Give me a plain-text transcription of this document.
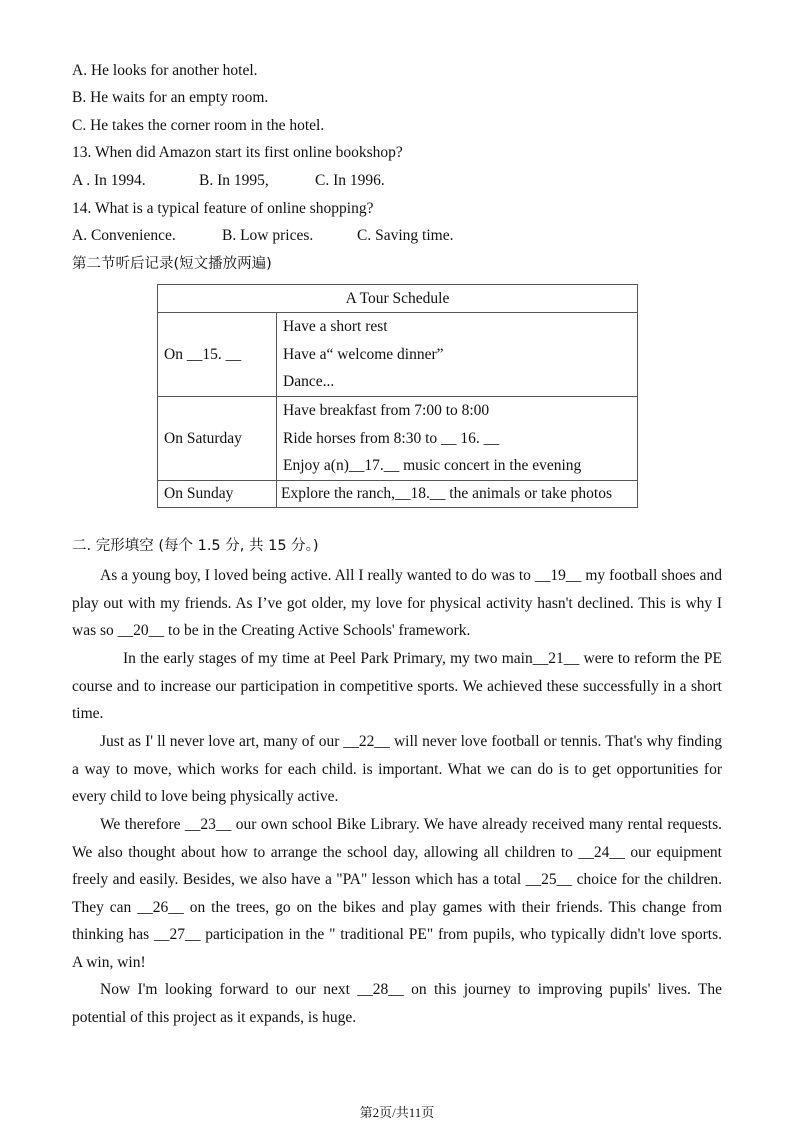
A. He looks for another hotel.
B. He waits for an empty room.
C. He takes the corner room in the hotel.
13. When did Amazon start its first online bookshop?
A . In 1994.	B. In 1995,	C. In 1996.
14. What is a typical feature of online shopping?
A. Convenience.	B. Low prices.	C. Saving time.
第二节听后记录(短文播放两遍)
A Tour Schedule	
On __15. __	Have a short rest
Have a“ welcome dinner”
Dance...

On Saturday	Have breakfast from 7:00 to 8:00
Ride horses from 8:30 to __ 16. __
Enjoy a(n)__17.__ music concert in the evening

On Sunday	Explore the ranch,__18.__ the animals or take photos
二. 完形填空 (每个 1.5 分, 共 15 分。)

As a young boy, I loved being active. All I really wanted to do was to __19__ my football shoes and play out with my friends. As I’ve got older, my love for physical activity hasn't declined. This is why I was so __20__ to be in the Creating Active Schools' framework.

In the early stages of my time at Peel Park Primary, my two main__21__ were to reform the PE course and to increase our participation in competitive sports. We achieved these successfully in a short time.

Just as I' ll never love art, many of our __22__ will never love football or tennis. That's why finding a way to move, which works for each child. is important. What we can do is to get opportunities for every child to love being physically active.

We therefore __23__ our own school Bike Library. We have already received many rental requests. We also thought about how to arrange the school day, allowing all children to __24__ our equipment freely and easily. Besides, we also have a "PA" lesson which has a total __25__ choice for the children. They can __26__ on the trees, go on the bikes and play games with their friends. This change from thinking has __27__ participation in the " traditional PE" from pupils, who typically didn't love sports. A win, win!

Now I'm looking forward to our next __28__ on this journey to improving pupils' lives. The potential of this project as it expands, is huge.

第2页/共11页
